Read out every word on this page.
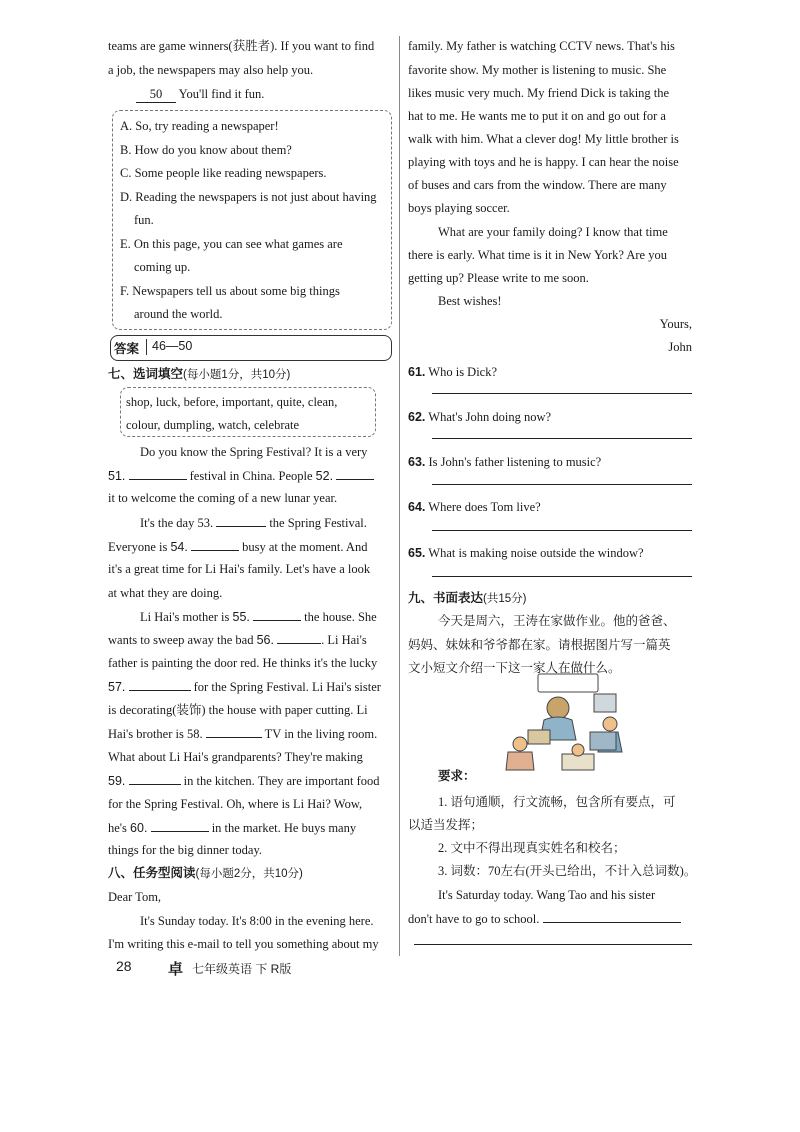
teams are game winners(获胜者). If you want to find
a job, the newspapers may also help you.
50 You'll find it fun.
A. So, try reading a newspaper!
B. How do you know about them?
C. Some people like reading newspapers.
D. Reading the newspapers is not just about having
fun.
E. On this page, you can see what games are
coming up.
F. Newspapers tell us about some big things
around the world.
答案 46—50
七、选词填空(每小题1分，共10分)
shop, luck, before, important, quite, clean,
colour, dumpling, watch, celebrate
Do you know the Spring Festival? It is a very
51.	festival in China. People 52.
it to welcome the coming of a new lunar year.
It's the day 53.	the Spring Festival.
Everyone is 54.	busy at the moment. And
it's a great time for Li Hai's family. Let's have a look
at what they are doing.
Li Hai's mother is 55.	the house. She
wants to sweep away the bad 56.	. Li Hai's
father is painting the door red. He thinks it's the lucky
57.	for the Spring Festival. Li Hai's sister
is decorating(装饰) the house with paper cutting. Li
Hai's brother is 58.	TV in the living room.
What about Li Hai's grandparents? They're making
59.	in the kitchen. They are important food
for the Spring Festival. Oh, where is Li Hai? Wow,
he's 60.	in the market. He buys many
things for the big dinner today.
八、任务型阅读(每小题2分，共10分)
Dear Tom,
It's Sunday today. It's 8:00 in the evening here.
I'm writing this e-mail to tell you something about my
family. My father is watching CCTV news. That's his
favorite show. My mother is listening to music. She
likes music very much. My friend Dick is taking the
hat to me. He wants me to put it on and go out for a
walk with him. What a clever dog! My little brother is
playing with toys and he is happy. I can hear the noise
of buses and cars from the window. There are many
boys playing soccer.
What are your family doing? I know that time
there is early. What time is it in New York? Are you
getting up? Please write to me soon.
Best wishes!
Yours,
John
61. Who is Dick?
62. What's John doing now?
63. Is John's father listening to music?
64. Where does Tom live?
65. What is making noise outside the window?
九、书面表达(共15分)
今天是周六，王涛在家做作业。他的爸爸、
妈妈、妹妹和爷爷都在家。请根据图片写一篇英
文小短文介绍一下这一家人在做什么。
要求：
1. 语句通顺，行文流畅，包含所有要点，可
以适当发挥；
2. 文中不得出现真实姓名和校名；
3. 词数：70左右(开头已给出，不计入总词数)。
It's Saturday today. Wang Tao and his sister
don't have to go to school.
28 卓 七年级英语 下 R版
